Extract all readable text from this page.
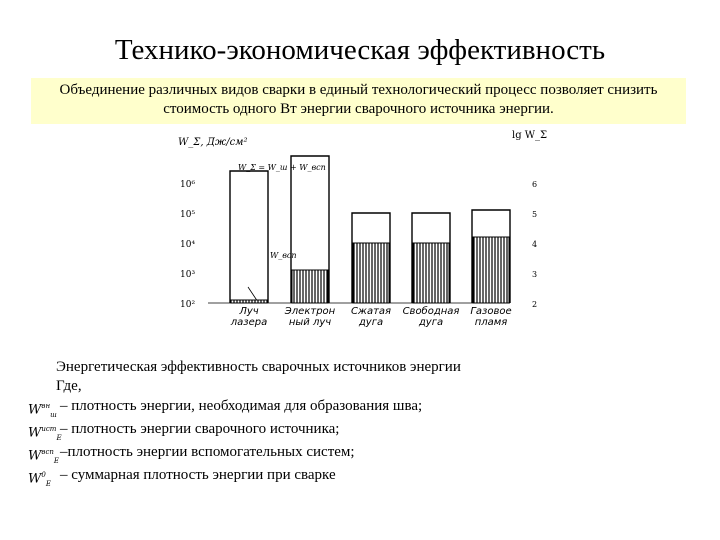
Технико-экономическая эффективность
Объединение различных видов сварки в единый технологический процесс позволяет снизить
стоимость одного Вт энергии сварочного источника энергии.
W_Σ, Дж/см²
lg W_Σ
W_Σ = W_ш + W_всп
W_всп
10⁶
10⁵
10⁴
10³
10²
6
5
4
3
2
Луч
лазера
Электрон
ный луч
Сжатая
дуга
Свободная
дуга
Газовое
пламя
Энергетическая эффективность сварочных источников энергии
Где,
$W^{вн}_ш$
– плотность энергии, необходимая для образования шва;
$W^{ист}_E$
– плотность энергии сварочного источника;
$W^{всп}_E$
–плотность энергии вспомогательных систем;
$W^0_E$
– суммарная плотность энергии при сварке
